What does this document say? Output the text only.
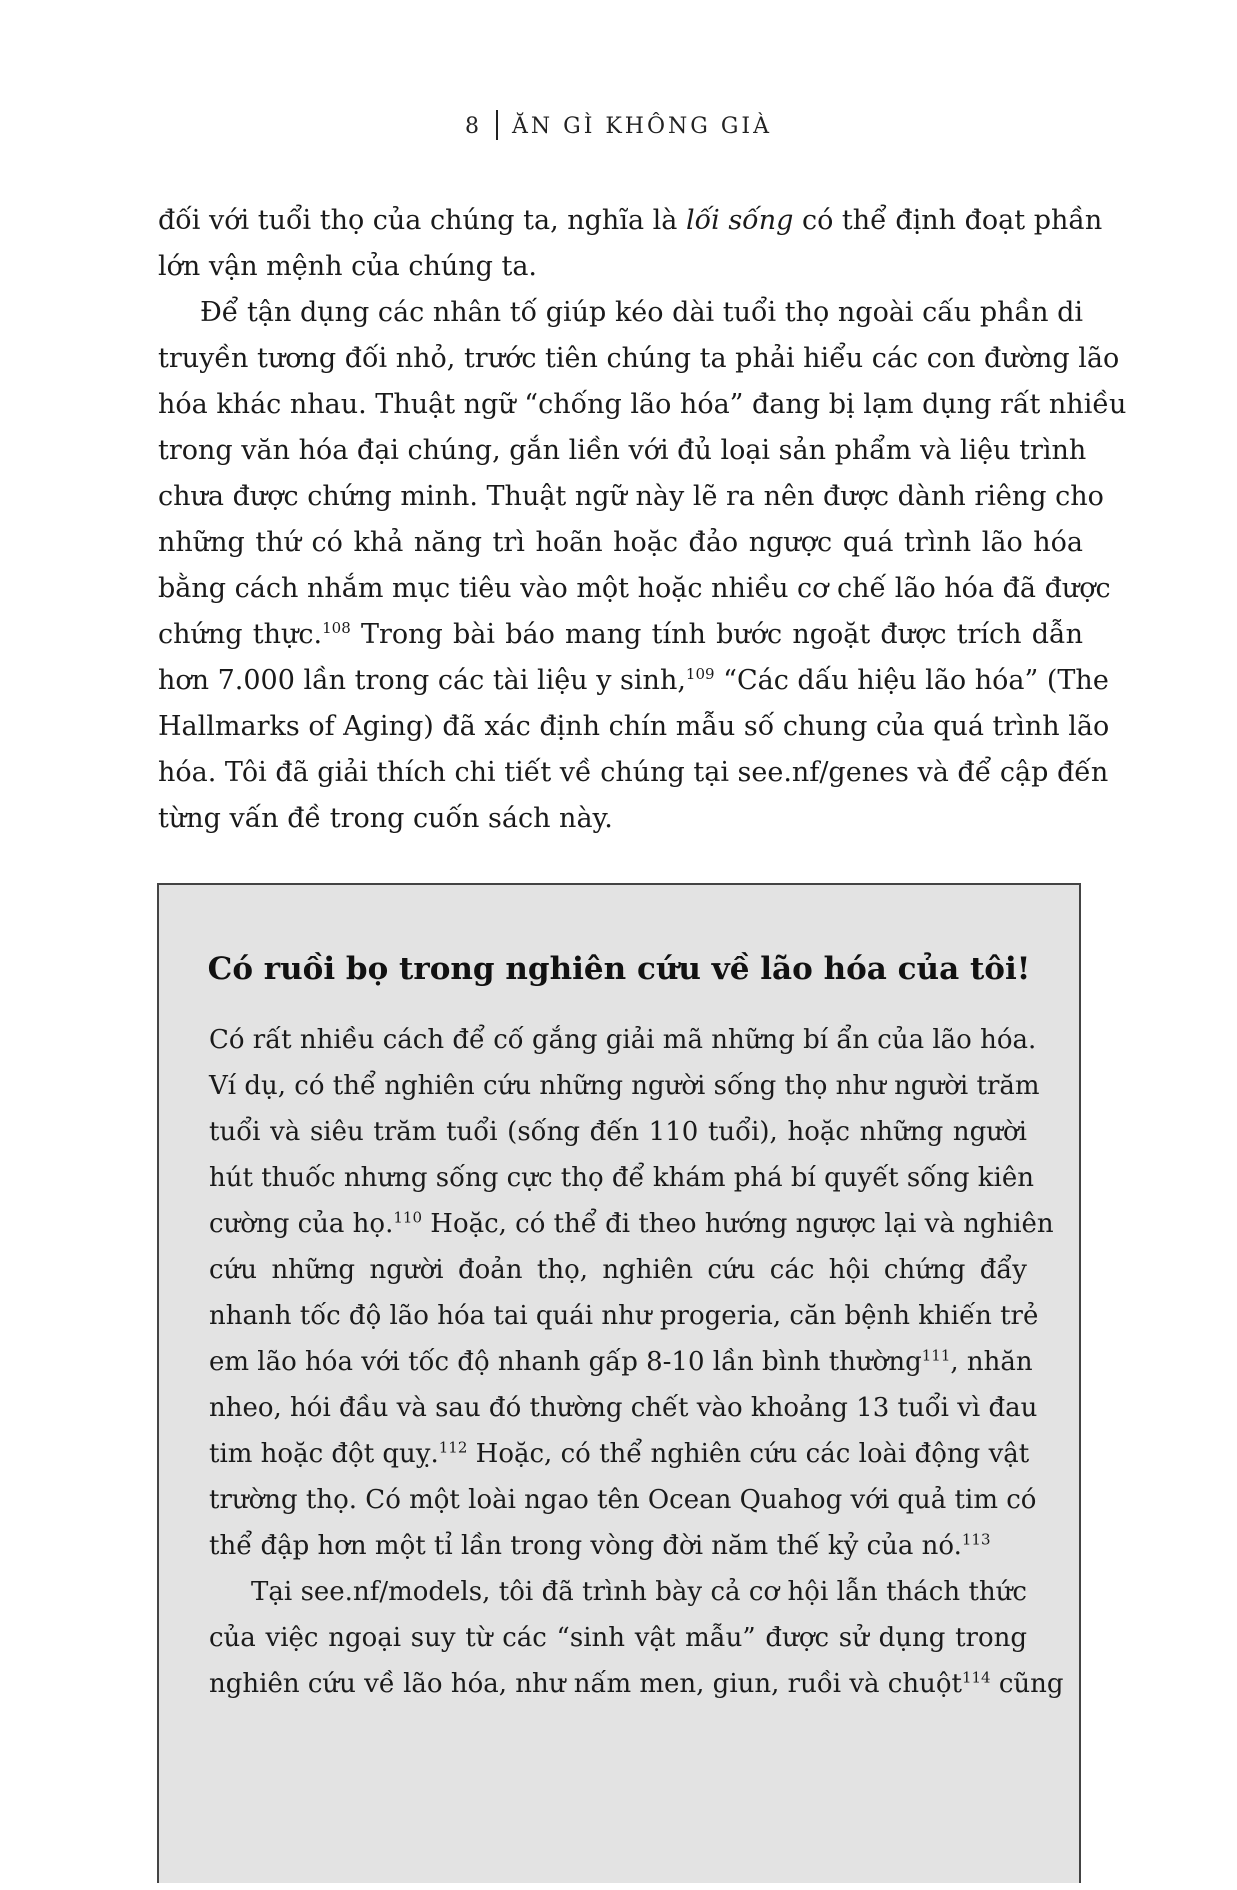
8 ĂN GÌ KHÔNG GIÀ
đối với tuổi thọ của chúng ta, nghĩa là lối sống có thể định đoạt phần
lớn vận mệnh của chúng ta.
Để tận dụng các nhân tố giúp kéo dài tuổi thọ ngoài cấu phần di
truyền tương đối nhỏ, trước tiên chúng ta phải hiểu các con đường lão
hóa khác nhau. Thuật ngữ “chống lão hóa” đang bị lạm dụng rất nhiều
trong văn hóa đại chúng, gắn liền với đủ loại sản phẩm và liệu trình
chưa được chứng minh. Thuật ngữ này lẽ ra nên được dành riêng cho
những thứ có khả năng trì hoãn hoặc đảo ngược quá trình lão hóa
bằng cách nhắm mục tiêu vào một hoặc nhiều cơ chế lão hóa đã được
chứng thực.$^{108}$ Trong bài báo mang tính bước ngoặt được trích dẫn
hơn 7.000 lần trong các tài liệu y sinh,$^{109}$ “Các dấu hiệu lão hóa” (The
Hallmarks of Aging) đã xác định chín mẫu số chung của quá trình lão
hóa. Tôi đã giải thích chi tiết về chúng tại see.nf/genes và để cập đến
từng vấn đề trong cuốn sách này.
Có ruồi bọ trong nghiên cứu về lão hóa của tôi!
Có rất nhiều cách để cố gắng giải mã những bí ẩn của lão hóa.
Ví dụ, có thể nghiên cứu những người sống thọ như người trăm
tuổi và siêu trăm tuổi (sống đến 110 tuổi), hoặc những người
hút thuốc nhưng sống cực thọ để khám phá bí quyết sống kiên
cường của họ.$^{110}$ Hoặc, có thể đi theo hướng ngược lại và nghiên
cứu những người đoản thọ, nghiên cứu các hội chứng đẩy
nhanh tốc độ lão hóa tai quái như progeria, căn bệnh khiến trẻ
em lão hóa với tốc độ nhanh gấp 8-10 lần bình thường$^{111}$, nhăn
nheo, hói đầu và sau đó thường chết vào khoảng 13 tuổi vì đau
tim hoặc đột quỵ.$^{112}$ Hoặc, có thể nghiên cứu các loài động vật
trường thọ. Có một loài ngao tên Ocean Quahog với quả tim có
thể đập hơn một tỉ lần trong vòng đời năm thế kỷ của nó.$^{113}$
Tại see.nf/models, tôi đã trình bày cả cơ hội lẫn thách thức
của việc ngoại suy từ các “sinh vật mẫu” được sử dụng trong
nghiên cứu về lão hóa, như nấm men, giun, ruồi và chuột$^{114}$ cũng
